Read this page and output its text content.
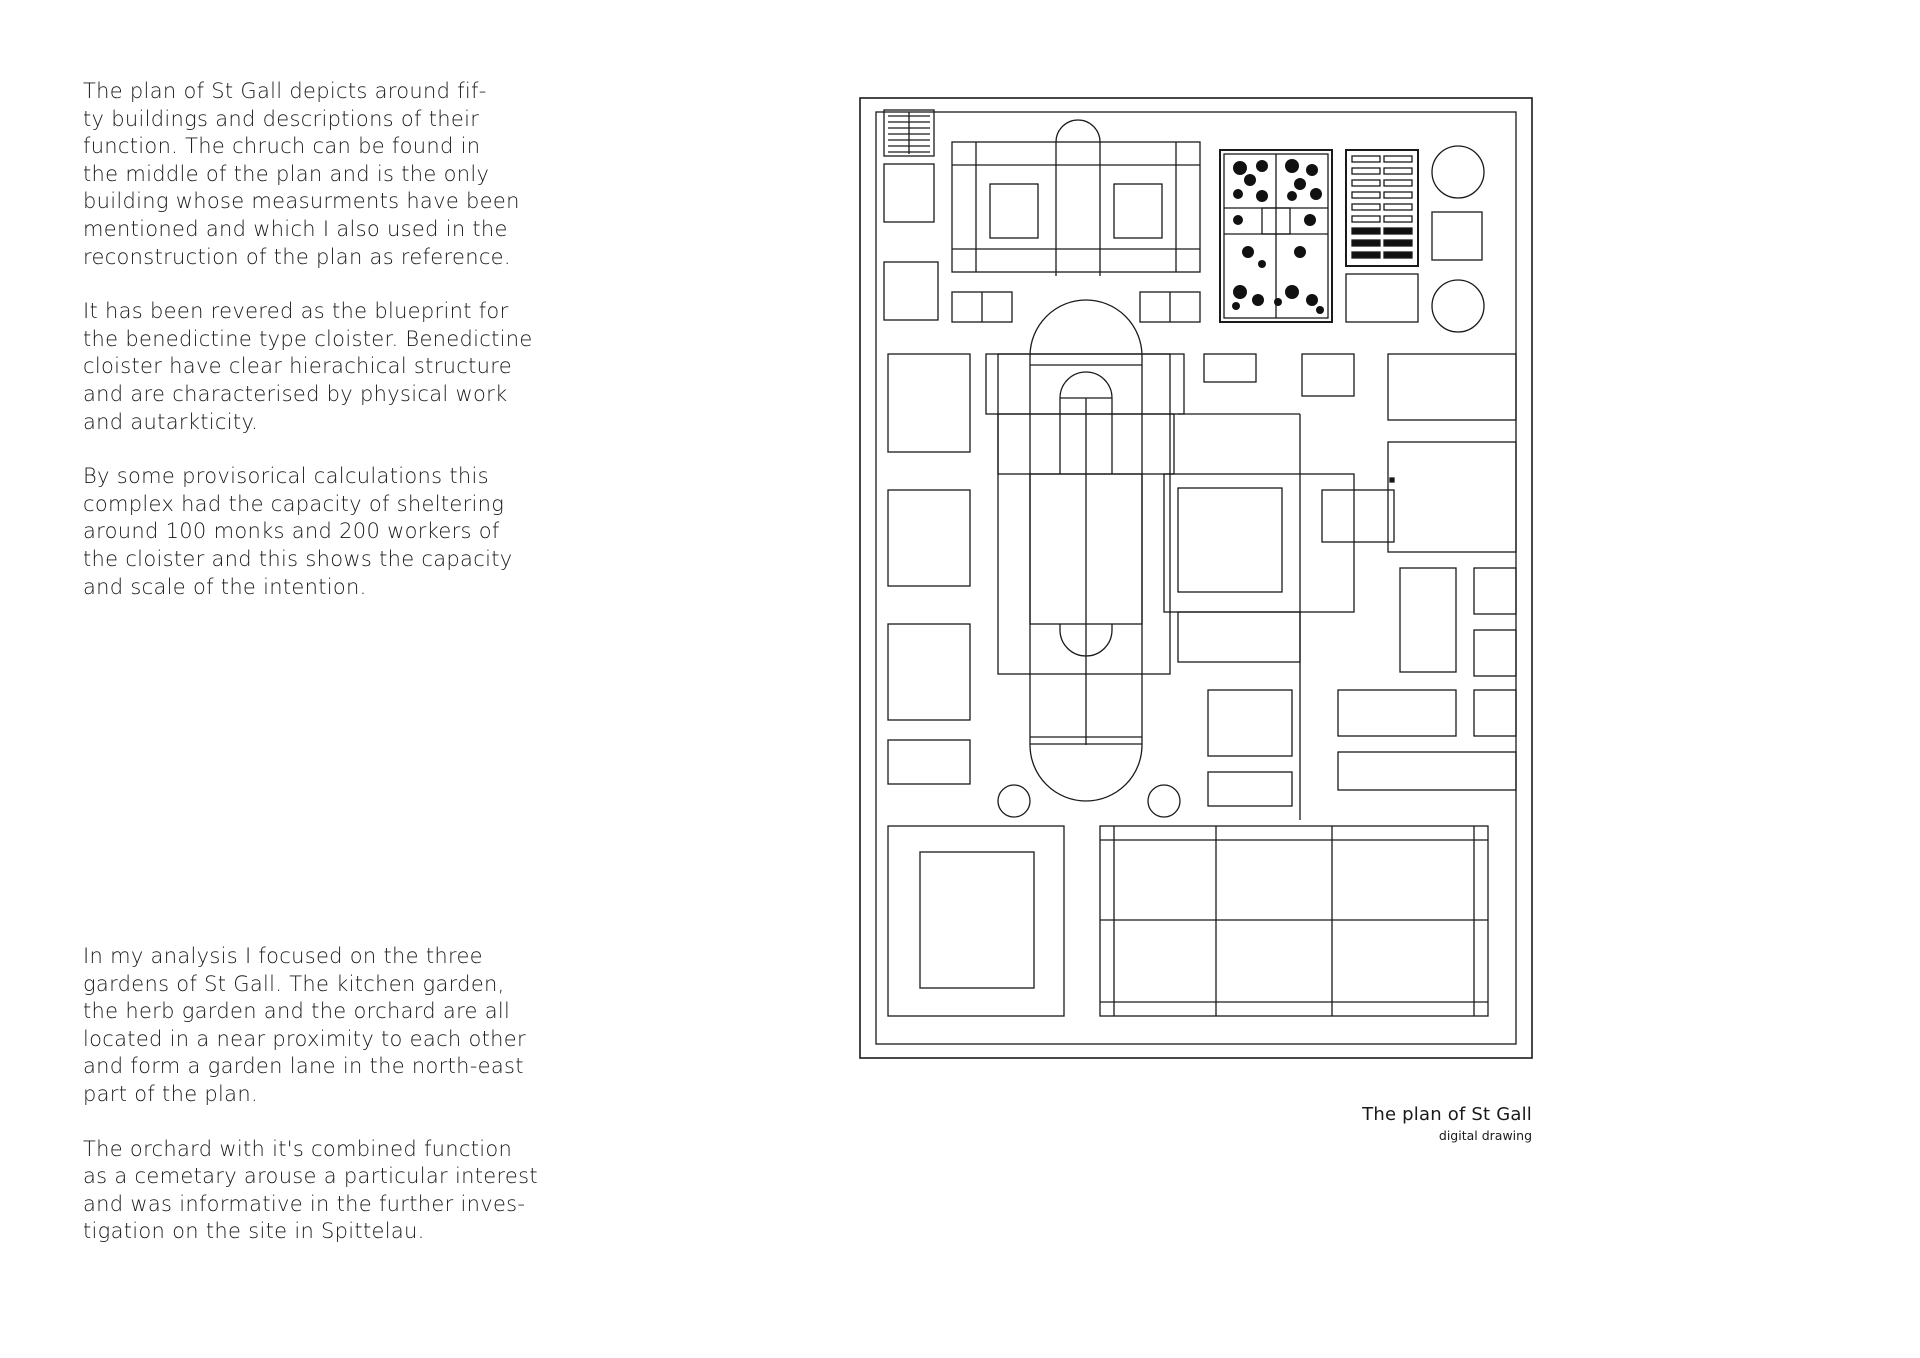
The plan of St Gall depicts around fif-
ty buildings and descriptions of their
function. The chruch can be found in
the middle of the plan and is the only
building whose measurments have been
mentioned and which I also used in the
reconstruction of the plan as reference.

It has been revered as the blueprint for
the benedictine type cloister. Benedictine
cloister have clear hierachical structure
and are characterised by physical work
and autarkticity.

By some provisorical calculations this
complex had the capacity of sheltering
around 100 monks and 200 workers of
the cloister and this shows the capacity
and scale of the intention.

In my analysis I focused on the three
gardens of St Gall. The kitchen garden,
the herb garden and the orchard are all
located in a near proximity to each other
and form a garden lane in the north-east
part of the plan.

The orchard with it's combined function
as a cemetary arouse a particular interest
and was informative in the further inves-
tigation on the site in Spittelau.

The plan of St Gall
digital drawing
